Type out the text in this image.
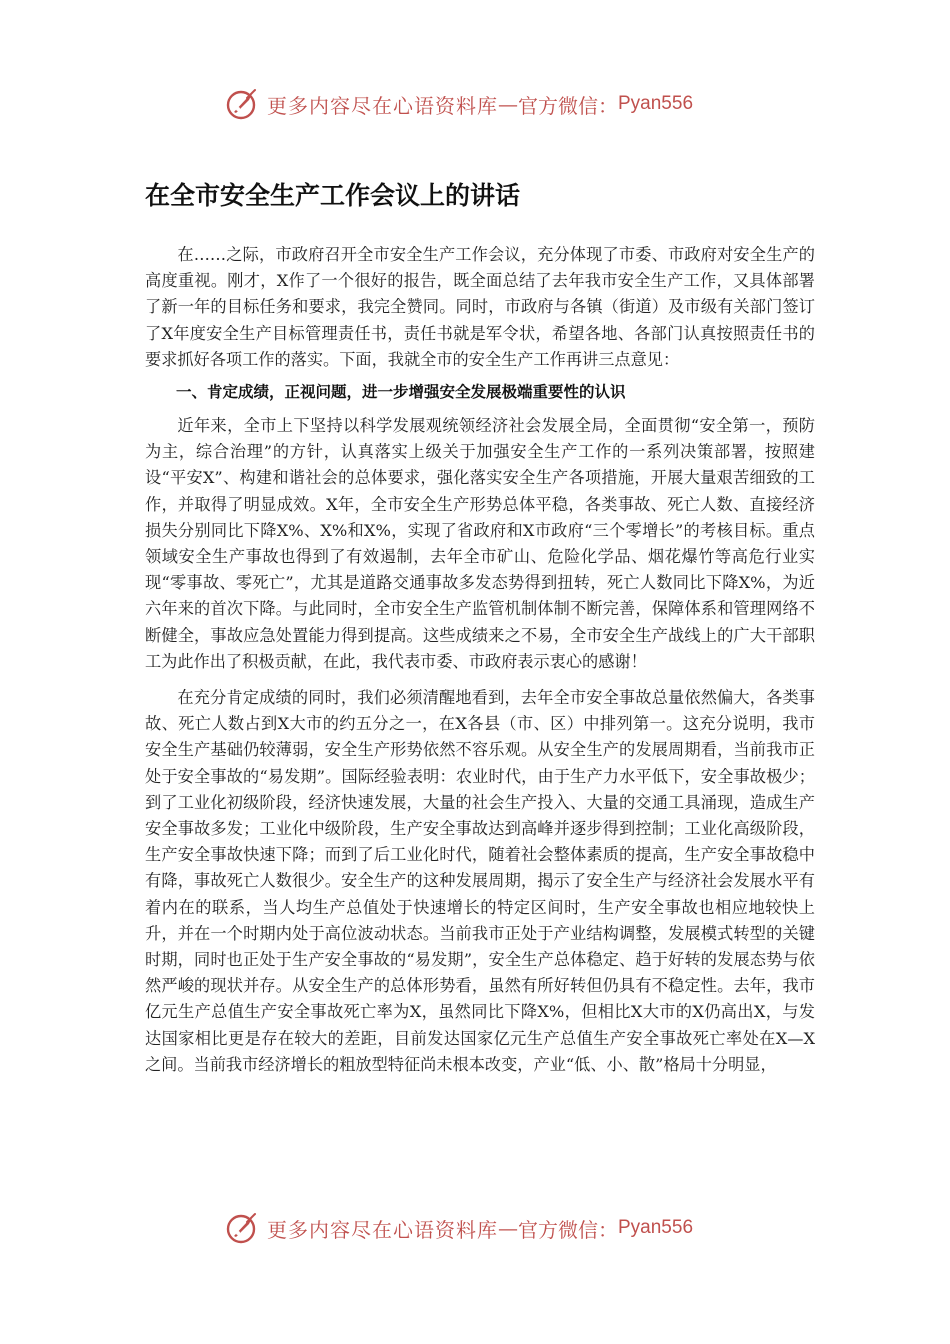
更多内容尽在心语资料库 — 官方微信： Pyan556
在全市安全生产工作会议上的讲话

在……之际，市政府召开全市安全生产工作会议，充分体现了市委、市政府对安全生产的高度重视。刚才，X作了一个很好的报告，既全面总结了去年我市安全生产工作，又具体部署了新一年的目标任务和要求，我完全赞同。同时，市政府与各镇（街道）及市级有关部门签订了X年度安全生产目标管理责任书，责任书就是军令状，希望各地、各部门认真按照责任书的要求抓好各项工作的落实。下面，我就全市的安全生产工作再讲三点意见：

一、肯定成绩，正视问题，进一步增强安全发展极端重要性的认识

近年来，全市上下坚持以科学发展观统领经济社会发展全局，全面贯彻“安全第一，预防为主，综合治理”的方针，认真落实上级关于加强安全生产工作的一系列决策部署，按照建设“平安X”、构建和谐社会的总体要求，强化落实安全生产各项措施，开展大量艰苦细致的工作，并取得了明显成效。X年，全市安全生产形势总体平稳，各类事故、死亡人数、直接经济损失分别同比下降X%、X%和X%，实现了省政府和X市政府“三个零增长”的考核目标。重点领域安全生产事故也得到了有效遏制，去年全市矿山、危险化学品、烟花爆竹等高危行业实现“零事故、零死亡”，尤其是道路交通事故多发态势得到扭转，死亡人数同比下降X%，为近六年来的首次下降。与此同时，全市安全生产监管机制体制不断完善，保障体系和管理网络不断健全，事故应急处置能力得到提高。这些成绩来之不易，全市安全生产战线上的广大干部职工为此作出了积极贡献，在此，我代表市委、市政府表示衷心的感谢！

在充分肯定成绩的同时，我们必须清醒地看到，去年全市安全事故总量依然偏大，各类事故、死亡人数占到X大市的约五分之一，在X各县（市、区）中排列第一。这充分说明，我市安全生产基础仍较薄弱，安全生产形势依然不容乐观。从安全生产的发展周期看，当前我市正处于安全事故的“易发期”。国际经验表明：农业时代，由于生产力水平低下，安全事故极少；到了工业化初级阶段，经济快速发展，大量的社会生产投入、大量的交通工具涌现，造成生产安全事故多发；工业化中级阶段，生产安全事故达到高峰并逐步得到控制；工业化高级阶段，生产安全事故快速下降；而到了后工业化时代，随着社会整体素质的提高，生产安全事故稳中有降，事故死亡人数很少。安全生产的这种发展周期，揭示了安全生产与经济社会发展水平有着内在的联系，当人均生产总值处于快速增长的特定区间时，生产安全事故也相应地较快上升，并在一个时期内处于高位波动状态。当前我市正处于产业结构调整，发展模式转型的关键时期，同时也正处于生产安全事故的“易发期”，安全生产总体稳定、趋于好转的发展态势与依然严峻的现状并存。从安全生产的总体形势看，虽然有所好转但仍具有不稳定性。去年，我市亿元生产总值生产安全事故死亡率为X，虽然同比下降X%，但相比X大市的X仍高出X，与发达国家相比更是存在较大的差距，目前发达国家亿元生产总值生产安全事故死亡率处在X—X之间。当前我市经济增长的粗放型特征尚未根本改变，产业“低、小、散”格局十分明显，

更多内容尽在心语资料库 — 官方微信： Pyan556
